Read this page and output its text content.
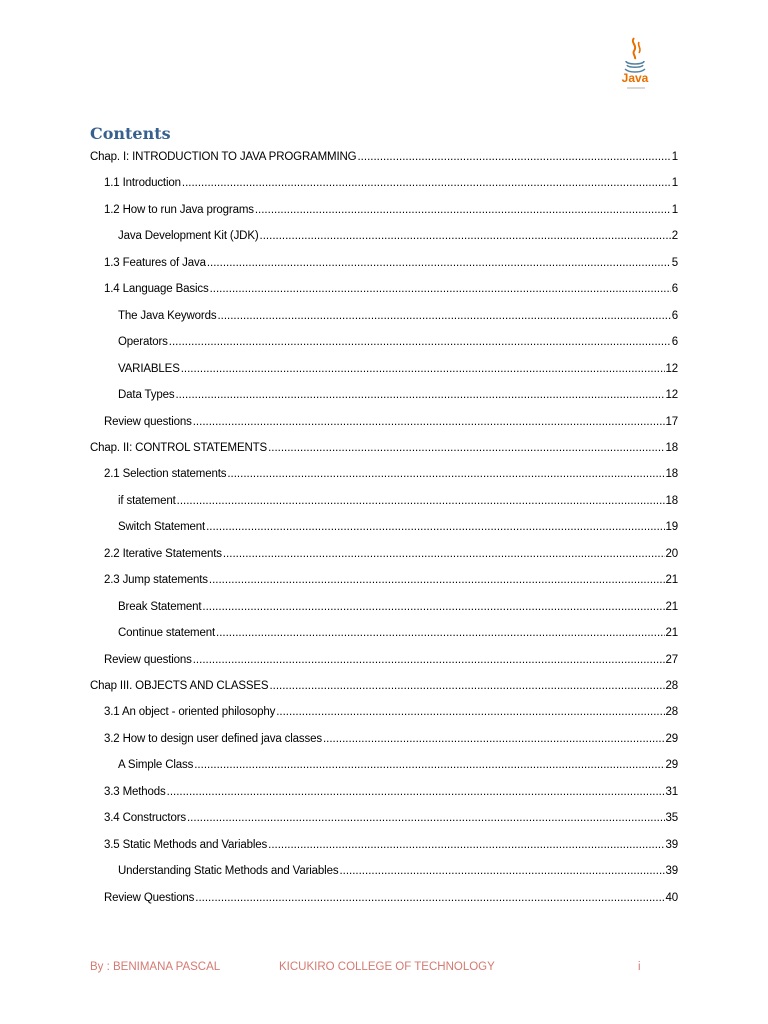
Java
Contents
Chap. I: INTRODUCTION TO JAVA PROGRAMMING .....	1
1.1 Introduction .....	1
1.2 How to run Java programs .....	1
Java Development Kit (JDK) .....	2
1.3 Features of Java .....	5
1.4 Language Basics .....	6
The Java Keywords .....	6
Operators .....	6
VARIABLES .....	12
Data Types .....	12
Review questions .....	17
Chap. II: CONTROL STATEMENTS .....	18
2.1 Selection statements .....	18
if statement .....	18
Switch Statement .....	19
2.2 Iterative Statements .....	20
2.3 Jump statements .....	21
Break Statement .....	21
Continue statement .....	21
Review questions .....	27
Chap III. OBJECTS AND CLASSES .....	28
3.1 An object - oriented philosophy .....	28
3.2 How to design user defined java classes .....	29
A Simple Class .....	29
3.3 Methods .....	31
3.4 Constructors .....	35
3.5 Static Methods and Variables .....	39
Understanding Static Methods and Variables .....	39
Review Questions .....	40
By : BENIMANA PASCAL	KICUKIRO COLLEGE OF TECHNOLOGY	i
